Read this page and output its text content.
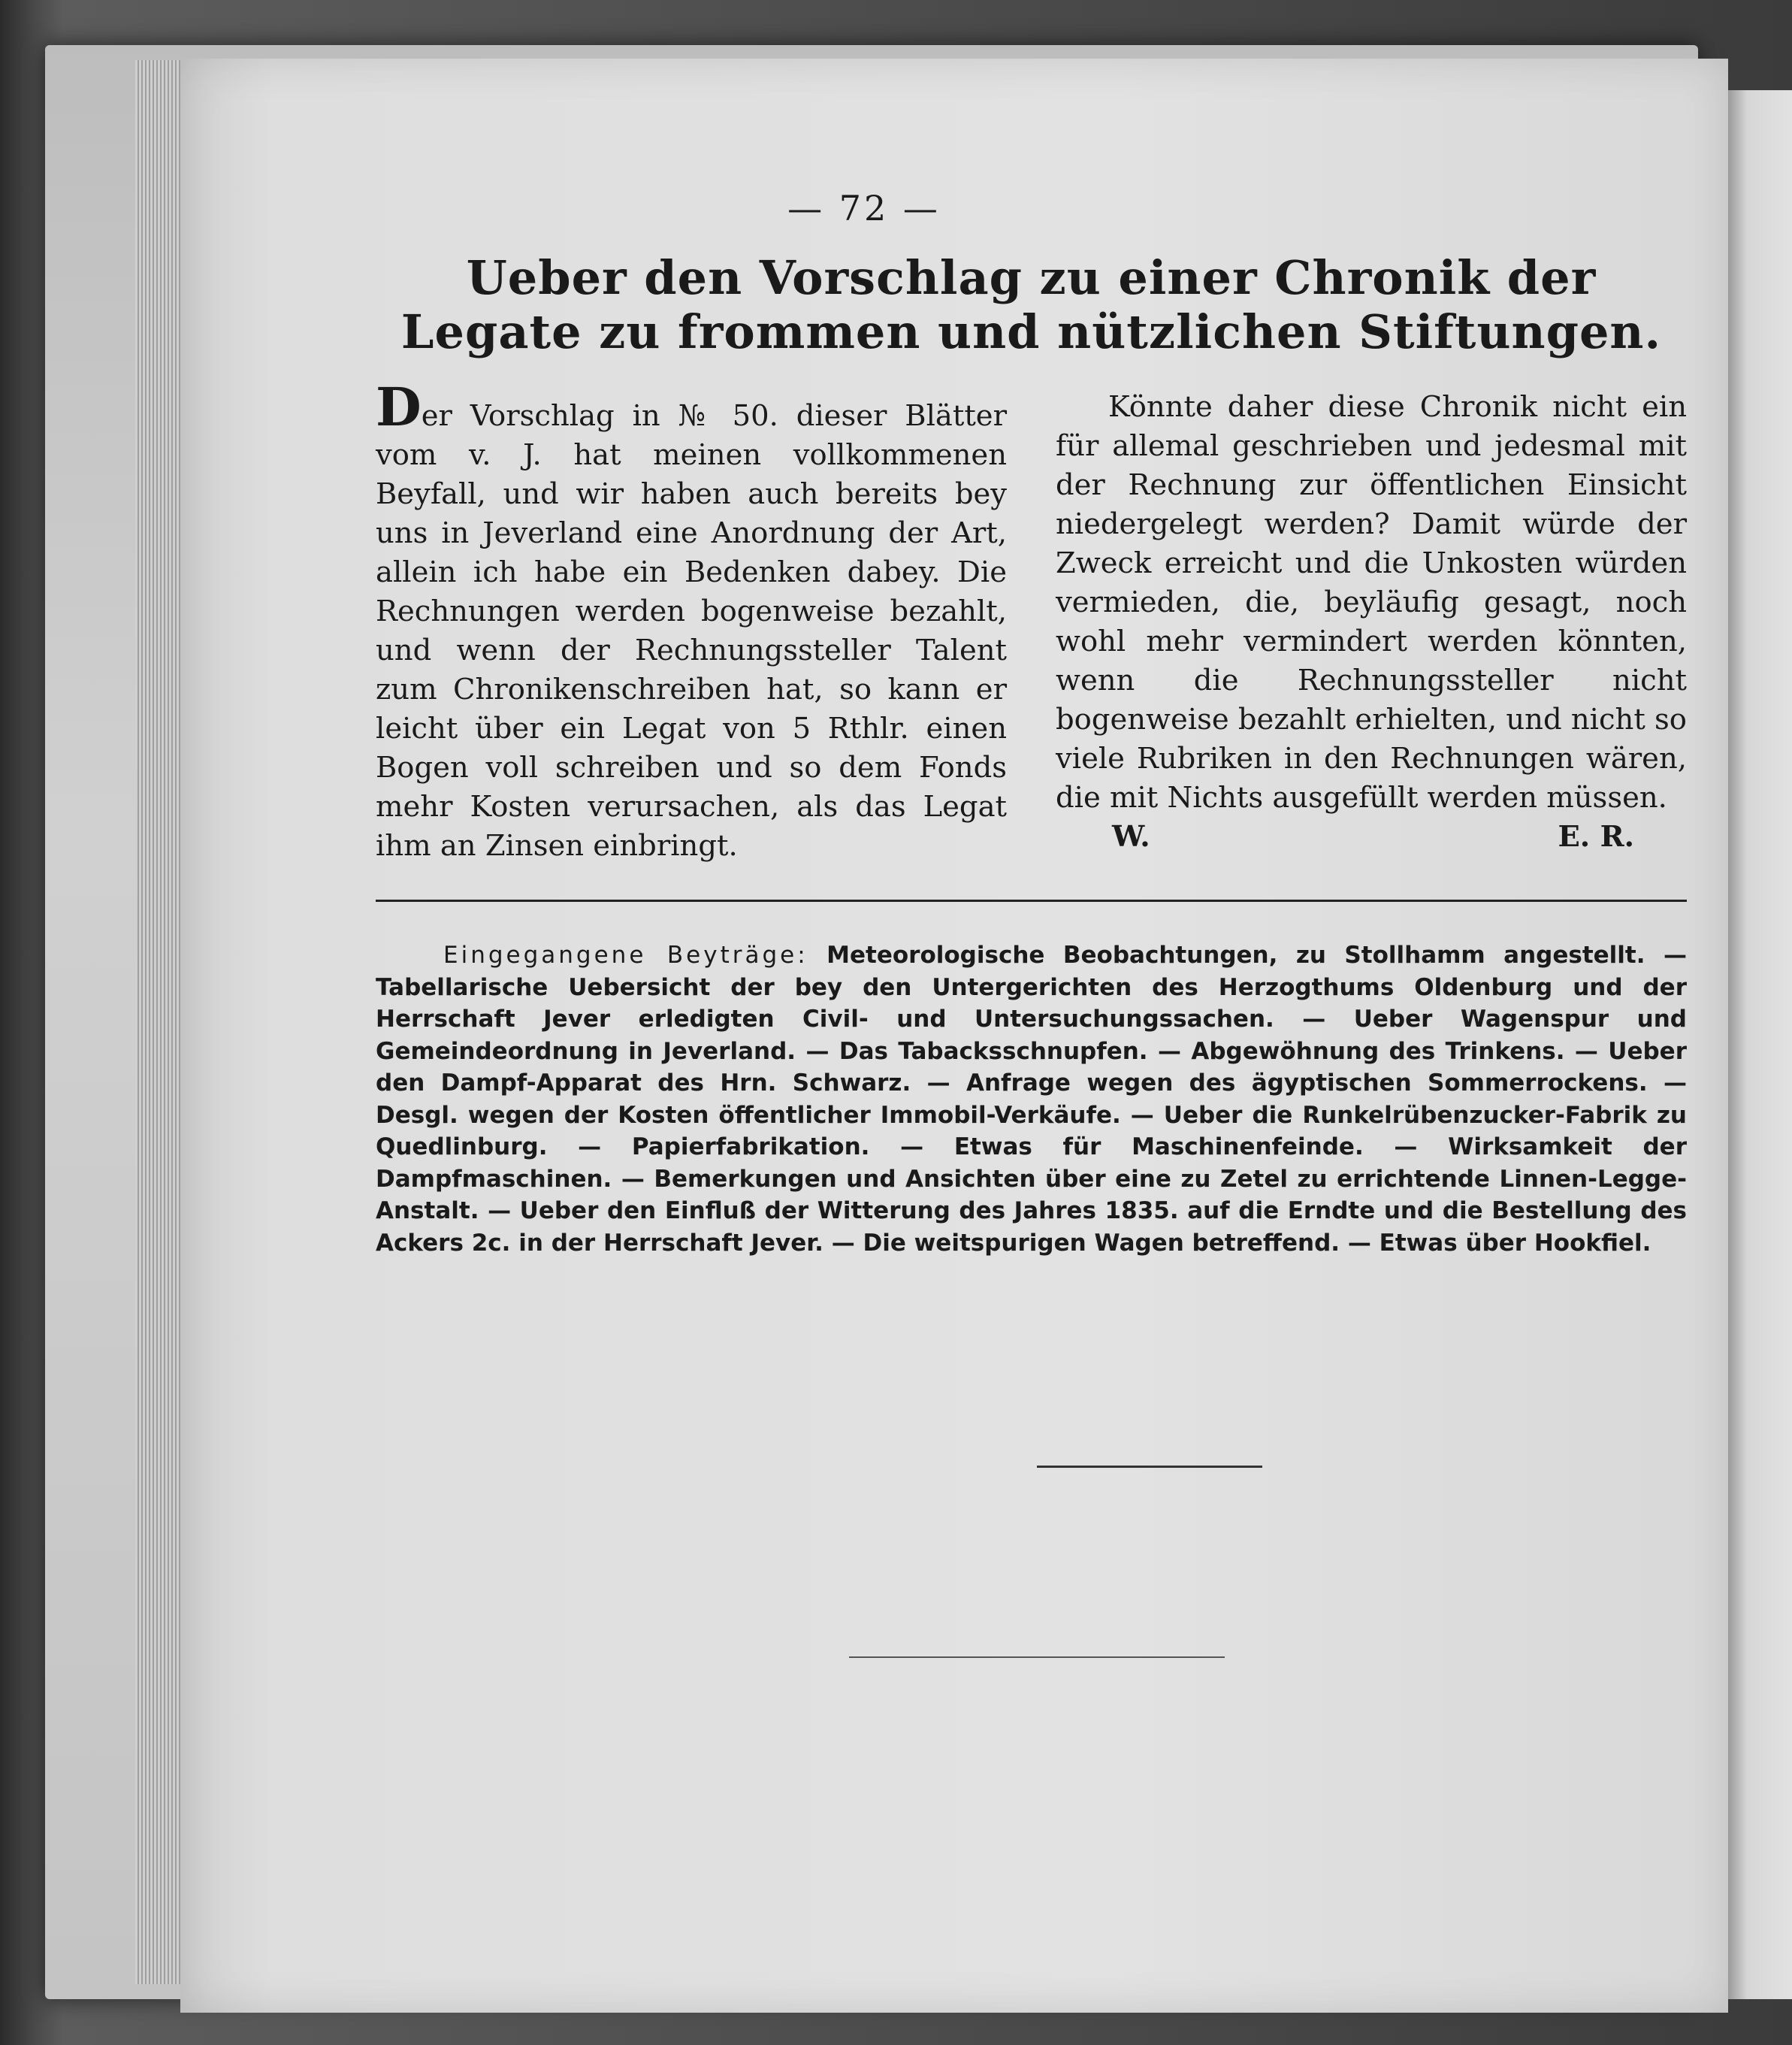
— 72 —
Ueber den Vorschlag zu einer Chronik der Legate zu frommen und nützlichen Stiftungen.

Der Vorschlag in № 50. dieser Blätter vom v. J. hat meinen vollkommenen Beyfall, und wir haben auch bereits bey uns in Jeverland eine Anordnung der Art, allein ich habe ein Bedenken dabey. Die Rechnungen werden bogenweise bezahlt, und wenn der Rechnungssteller Talent zum Chronikenschreiben hat, so kann er leicht über ein Legat von 5 Rthlr. einen Bogen voll schreiben und so dem Fonds mehr Kosten verursachen, als das Legat ihm an Zinsen einbringt.

Könnte daher diese Chronik nicht ein für allemal geschrieben und jedesmal mit der Rechnung zur öffentlichen Einsicht niedergelegt werden? Damit würde der Zweck erreicht und die Unkosten würden vermieden, die, beyläufig gesagt, noch wohl mehr vermindert werden könnten, wenn die Rechnungssteller nicht bogenweise bezahlt erhielten, und nicht so viele Rubriken in den Rechnungen wären, die mit Nichts ausgefüllt werden müssen.

W.	E. R.
Eingegangene Beyträge: Meteorologische Beobachtungen, zu Stollhamm angestellt. — Tabellarische Uebersicht der bey den Untergerichten des Herzogthums Oldenburg und der Herrschaft Jever erledigten Civil- und Untersuchungssachen. — Ueber Wagenspur und Gemeindeordnung in Jeverland. — Das Tabacksschnupfen. — Abgewöhnung des Trinkens. — Ueber den Dampf-Apparat des Hrn. Schwarz. — Anfrage wegen des ägyptischen Sommerrockens. — Desgl. wegen der Kosten öffentlicher Immobil-Verkäufe. — Ueber die Runkelrübenzucker-Fabrik zu Quedlinburg. — Papierfabrikation. — Etwas für Maschinenfeinde. — Wirksamkeit der Dampfmaschinen. — Bemerkungen und Ansichten über eine zu Zetel zu errichtende Linnen-Legge-Anstalt. — Ueber den Einfluß der Witterung des Jahres 1835. auf die Erndte und die Bestellung des Ackers 2c. in der Herrschaft Jever. — Die weitspurigen Wagen betreffend. — Etwas über Hookfiel.
